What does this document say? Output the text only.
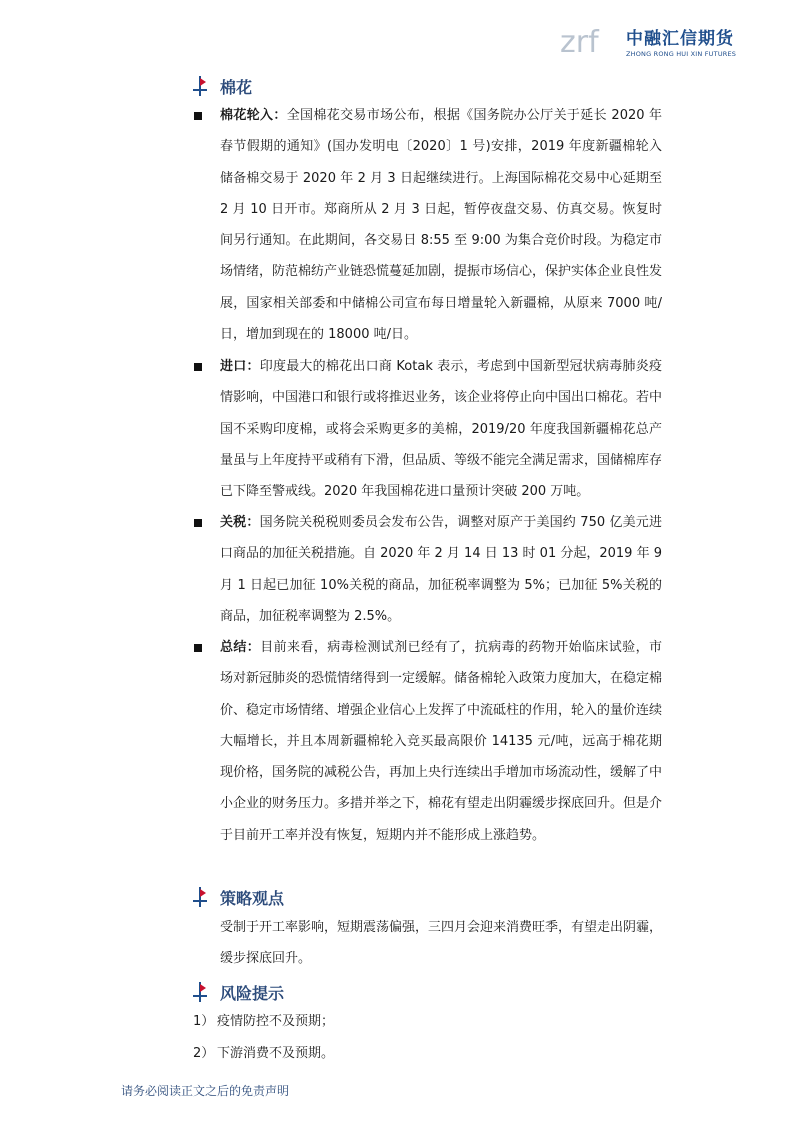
zrf 中融汇信期货
ZHONG RONG HUI XIN FUTURES
棉花
棉花轮入：全国棉花交易市场公布，根据《国务院办公厅关于延长 2020 年春节假期的通知》(国办发明电〔2020〕1 号)安排，2019 年度新疆棉轮入储备棉交易于 2020 年 2 月 3 日起继续进行。上海国际棉花交易中心延期至 2 月 10 日开市。郑商所从 2 月 3 日起，暂停夜盘交易、仿真交易。恢复时间另行通知。在此期间，各交易日 8:55 至 9:00 为集合竞价时段。为稳定市场情绪，防范棉纺产业链恐慌蔓延加剧，提振市场信心，保护实体企业良性发展，国家相关部委和中储棉公司宣布每日增量轮入新疆棉，从原来 7000 吨/日，增加到现在的 18000 吨/日。
进口：印度最大的棉花出口商 Kotak 表示，考虑到中国新型冠状病毒肺炎疫情影响，中国港口和银行或将推迟业务，该企业将停止向中国出口棉花。若中国不采购印度棉，或将会采购更多的美棉，2019/20 年度我国新疆棉花总产量虽与上年度持平或稍有下滑，但品质、等级不能完全满足需求，国储棉库存已下降至警戒线。2020 年我国棉花进口量预计突破 200 万吨。
关税：国务院关税税则委员会发布公告，调整对原产于美国约 750 亿美元进口商品的加征关税措施。自 2020 年 2 月 14 日 13 时 01 分起，2019 年 9 月 1 日起已加征 10%关税的商品，加征税率调整为 5%；已加征 5%关税的商品，加征税率调整为 2.5%。
总结：目前来看，病毒检测试剂已经有了，抗病毒的药物开始临床试验，市场对新冠肺炎的恐慌情绪得到一定缓解。储备棉轮入政策力度加大，在稳定棉价、稳定市场情绪、增强企业信心上发挥了中流砥柱的作用，轮入的量价连续大幅增长，并且本周新疆棉轮入竞买最高限价 14135 元/吨，远高于棉花期现价格，国务院的减税公告，再加上央行连续出手增加市场流动性，缓解了中小企业的财务压力。多措并举之下，棉花有望走出阴霾缓步探底回升。但是介于目前开工率并没有恢复，短期内并不能形成上涨趋势。
策略观点
受制于开工率影响，短期震荡偏强，三四月会迎来消费旺季，有望走出阴霾，缓步探底回升。
风险提示
1） 疫情防控不及预期；
2） 下游消费不及预期。
请务必阅读正文之后的免责声明
